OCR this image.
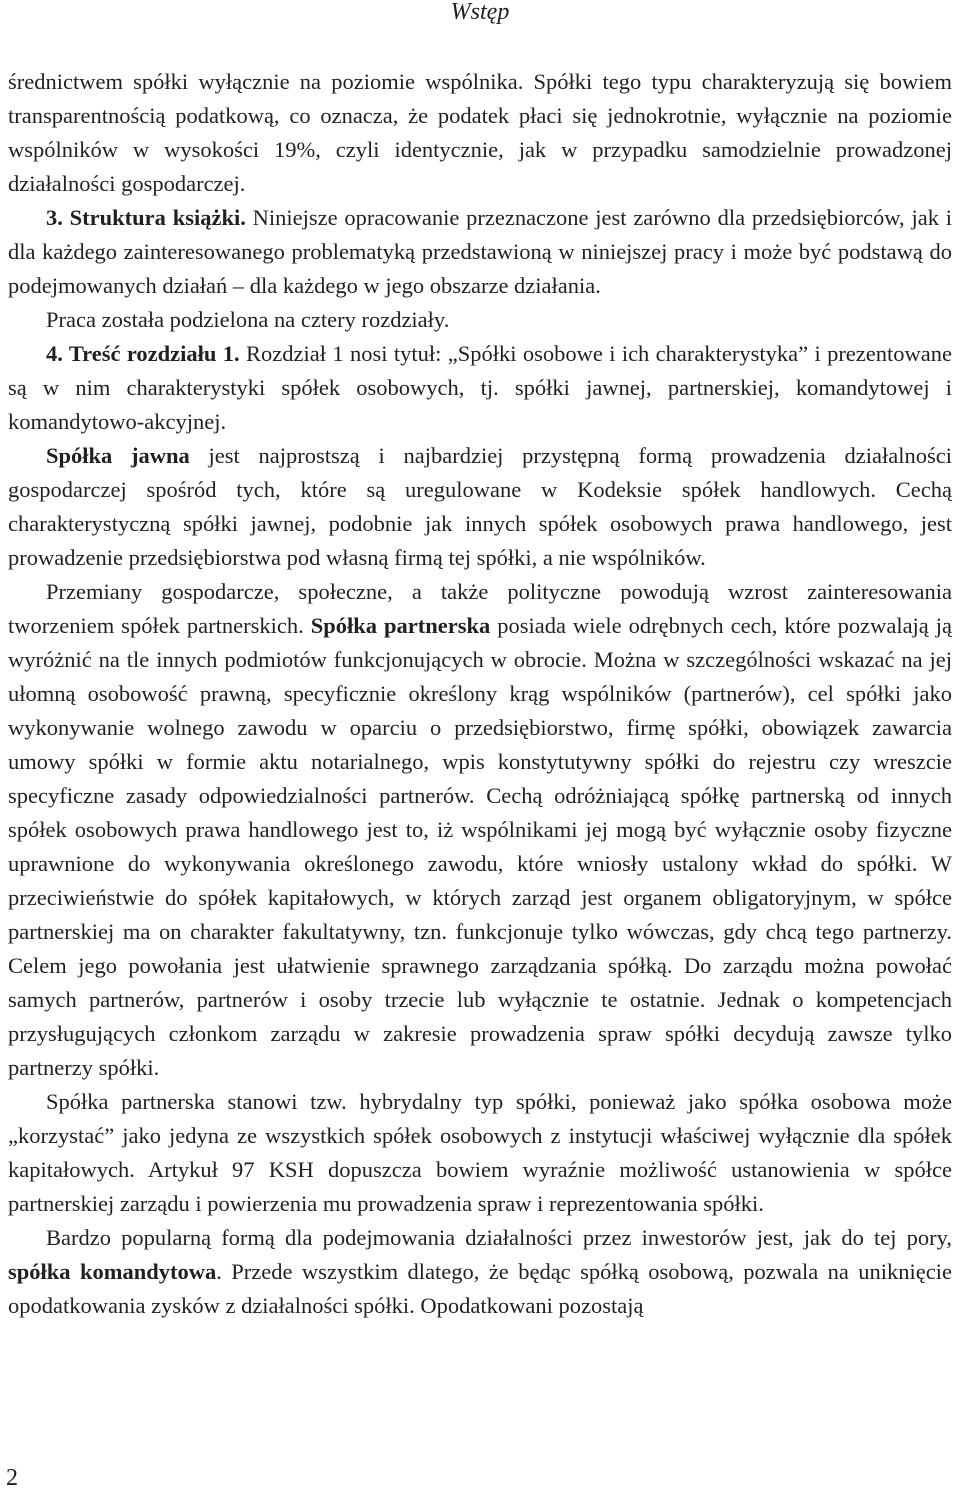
Wstęp

średnictwem spółki wyłącznie na poziomie wspólnika. Spółki tego typu charakteryzują się bowiem transparentnością podatkową, co oznacza, że podatek płaci się jednokrotnie, wyłącznie na poziomie wspólników w wysokości 19%, czyli identycznie, jak w przypadku samodzielnie prowadzonej działalności gospodarczej.

3. Struktura książki. Niniejsze opracowanie przeznaczone jest zarówno dla przedsiębiorców, jak i dla każdego zainteresowanego problematyką przedstawioną w niniejszej pracy i może być podstawą do podejmowanych działań – dla każdego w jego obszarze działania.

Praca została podzielona na cztery rozdziały.

4. Treść rozdziału 1. Rozdział 1 nosi tytuł: „Spółki osobowe i ich charakterystyka” i prezentowane są w nim charakterystyki spółek osobowych, tj. spółki jawnej, partnerskiej, komandytowej i komandytowo-akcyjnej.

Spółka jawna jest najprostszą i najbardziej przystępną formą prowadzenia działalności gospodarczej spośród tych, które są uregulowane w Kodeksie spółek handlowych. Cechą charakterystyczną spółki jawnej, podobnie jak innych spółek osobowych prawa handlowego, jest prowadzenie przedsiębiorstwa pod własną firmą tej spółki, a nie wspólników.

Przemiany gospodarcze, społeczne, a także polityczne powodują wzrost zainteresowania tworzeniem spółek partnerskich. Spółka partnerska posiada wiele odrębnych cech, które pozwalają ją wyróżnić na tle innych podmiotów funkcjonujących w obrocie. Można w szczególności wskazać na jej ułomną osobowość prawną, specyficznie określony krąg wspólników (partnerów), cel spółki jako wykonywanie wolnego zawodu w oparciu o przedsiębiorstwo, firmę spółki, obowiązek zawarcia umowy spółki w formie aktu notarialnego, wpis konstytutywny spółki do rejestru czy wreszcie specyficzne zasady odpowiedzialności partnerów. Cechą odróżniającą spółkę partnerską od innych spółek osobowych prawa handlowego jest to, iż wspólnikami jej mogą być wyłącznie osoby fizyczne uprawnione do wykonywania określonego zawodu, które wniosły ustalony wkład do spółki. W przeciwieństwie do spółek kapitałowych, w których zarząd jest organem obligatoryjnym, w spółce partnerskiej ma on charakter fakultatywny, tzn. funkcjonuje tylko wówczas, gdy chcą tego partnerzy. Celem jego powołania jest ułatwienie sprawnego zarządzania spółką. Do zarządu można powołać samych partnerów, partnerów i osoby trzecie lub wyłącznie te ostatnie. Jednak o kompetencjach przysługujących członkom zarządu w zakresie prowadzenia spraw spółki decydują zawsze tylko partnerzy spółki.

Spółka partnerska stanowi tzw. hybrydalny typ spółki, ponieważ jako spółka osobowa może „korzystać” jako jedyna ze wszystkich spółek osobowych z instytucji właściwej wyłącznie dla spółek kapitałowych. Artykuł 97 KSH dopuszcza bowiem wyraźnie możliwość ustanowienia w spółce partnerskiej zarządu i powierzenia mu prowadzenia spraw i reprezentowania spółki.

Bardzo popularną formą dla podejmowania działalności przez inwestorów jest, jak do tej pory, spółka komandytowa. Przede wszystkim dlatego, że będąc spółką osobową, pozwala na uniknięcie opodatkowania zysków z działalności spółki. Opodatkowani pozostają

2
